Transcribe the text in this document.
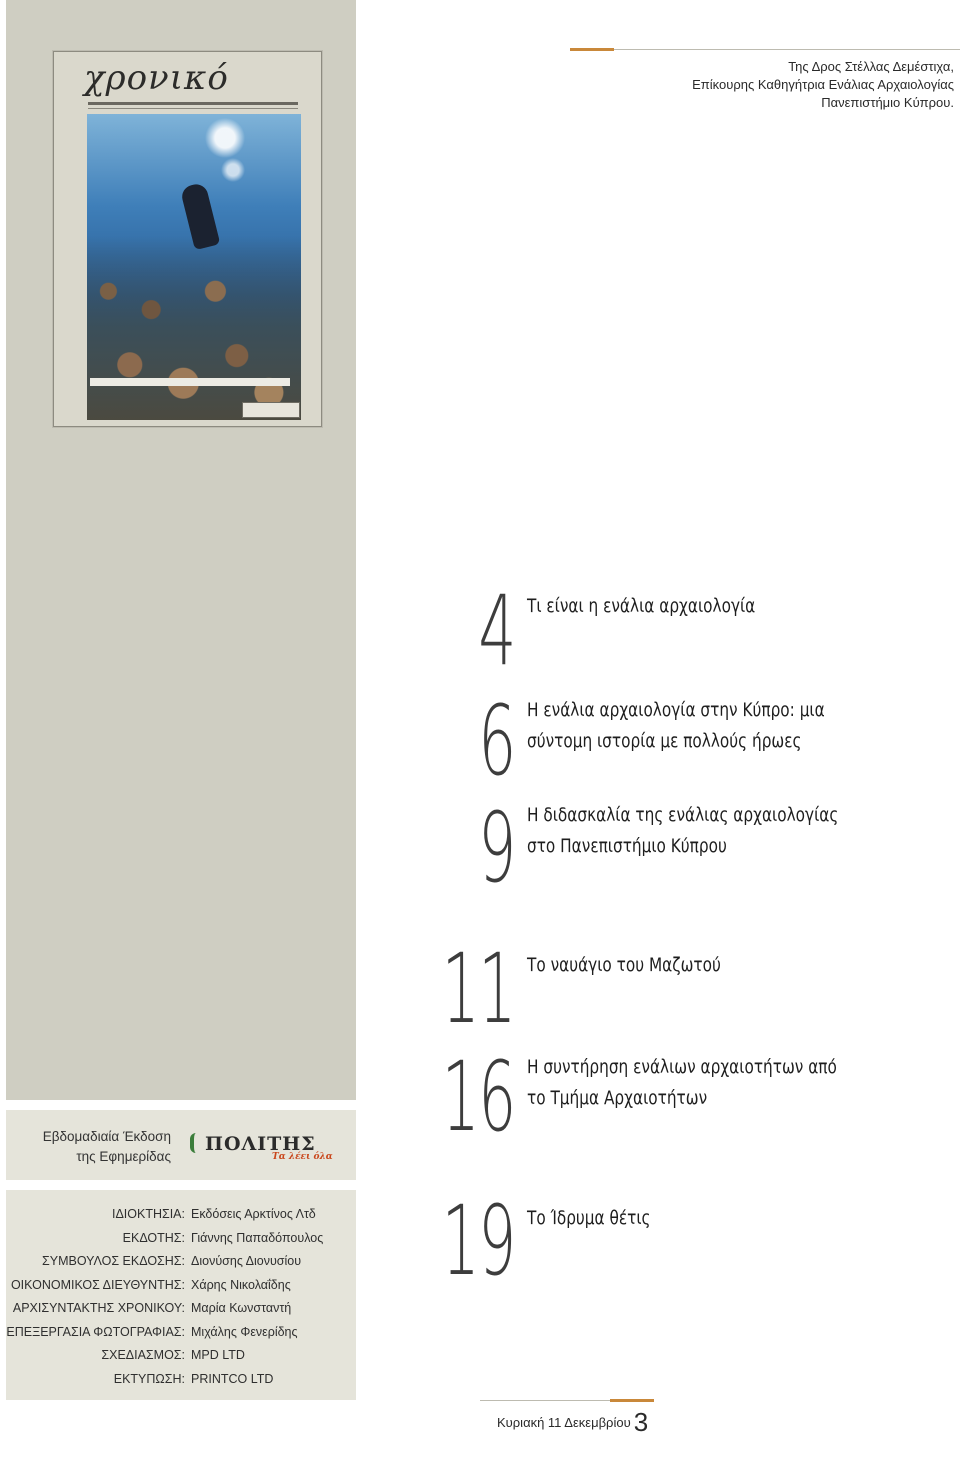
χρονικό
Εβδομαδιαία Έκδοση
της Εφημερίδας
ΠΟΛΙΤΗΣ
Τα λέει όλα
ΙΔΙΟΚΤΗΣΙΑ: Εκδόσεις Αρκτίνος Λτδ
ΕΚΔΟΤΗΣ: Γιάννης Παπαδόπουλος
ΣΥΜΒΟΥΛΟΣ ΕΚΔΟΣΗΣ: Διονύσης Διονυσίου
ΟΙΚΟΝΟΜΙΚΟΣ ΔΙΕΥΘΥΝΤΗΣ: Χάρης Νικολαΐδης
ΑΡΧΙΣΥΝΤΑΚΤΗΣ ΧΡΟΝΙΚΟΥ: Μαρία Κωνσταντή
ΕΠΕΞΕΡΓΑΣΙΑ ΦΩΤΟΓΡΑΦΙΑΣ: Μιχάλης Φενερίδης
ΣΧΕΔΙΑΣΜΟΣ: MPD LTD
ΕΚΤΥΠΩΣΗ: PRINTCO LTD
Της Δρος Στέλλας Δεμέστιχα,
Επίκουρης Καθηγήτρια Ενάλιας Αρχαιολογίας
Πανεπιστήμιο Κύπρου.
4 Τι είναι η ενάλια αρχαιολογία
6 Η ενάλια αρχαιολογία στην Κύπρο: μια
σύντομη ιστορία με πολλούς ήρωες
9 Η διδασκαλία της ενάλιας αρχαιολογίας
στο Πανεπιστήμιο Κύπρου
11 Το ναυάγιο του Μαζωτού
16 Η συντήρηση ενάλιων αρχαιοτήτων από
το Τμήμα Αρχαιοτήτων
19 Το Ίδρυμα θέτις
Κυριακή 11 Δεκεμβρίου 3
